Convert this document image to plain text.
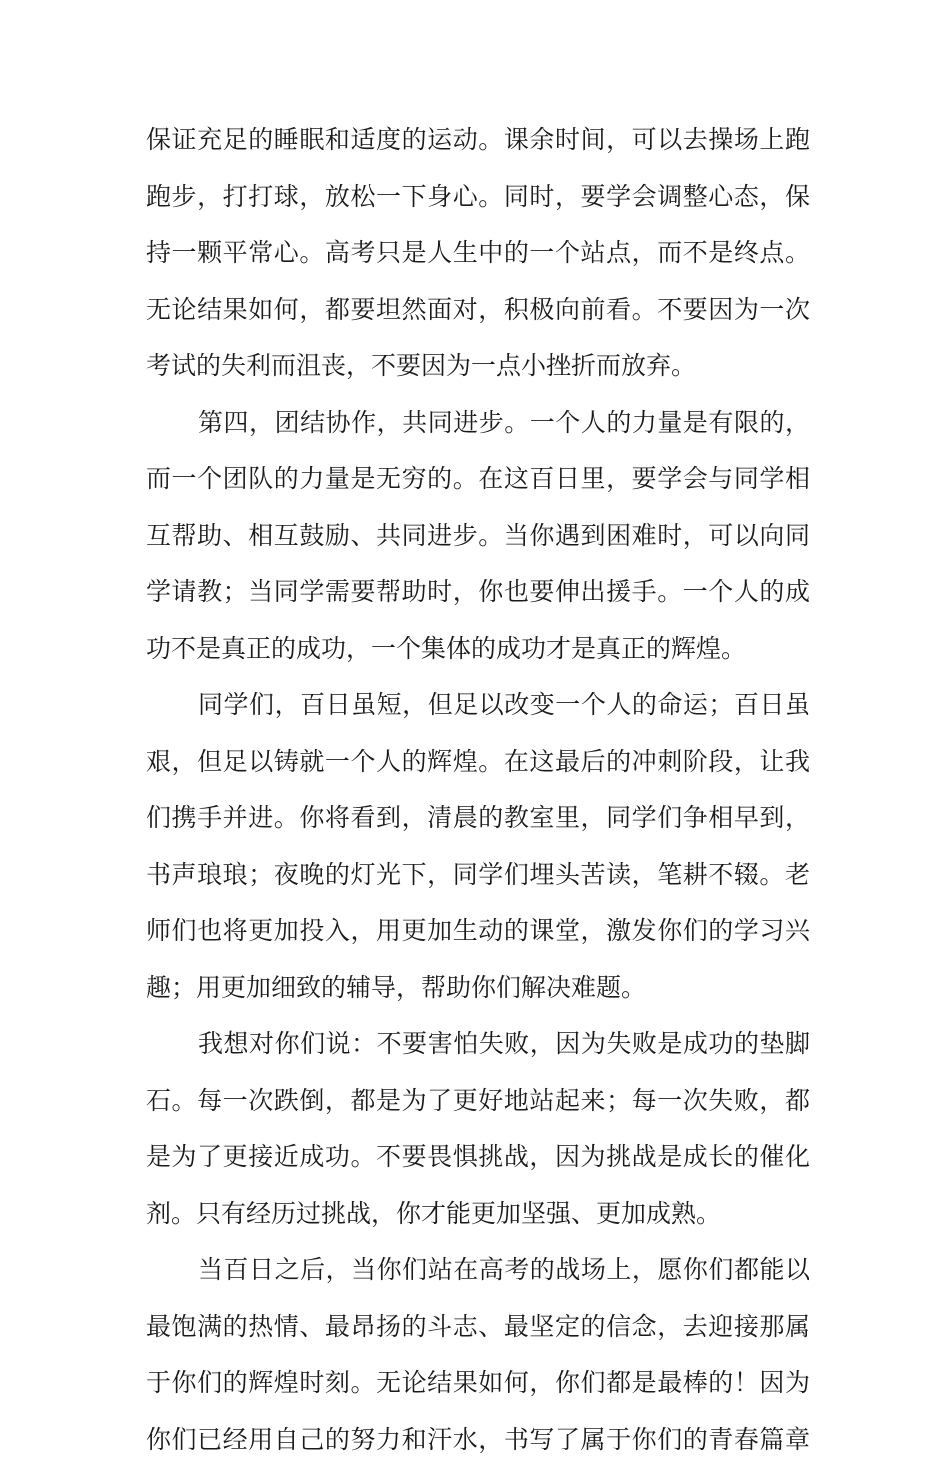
保证充足的睡眠和适度的运动。课余时间，可以去操场上跑
跑步，打打球，放松一下身心。同时，要学会调整心态，保
持一颗平常心。高考只是人生中的一个站点，而不是终点。
无论结果如何，都要坦然面对，积极向前看。不要因为一次
考试的失利而沮丧，不要因为一点小挫折而放弃。
第四，团结协作，共同进步。一个人的力量是有限的，
而一个团队的力量是无穷的。在这百日里，要学会与同学相
互帮助、相互鼓励、共同进步。当你遇到困难时，可以向同
学请教；当同学需要帮助时，你也要伸出援手。一个人的成
功不是真正的成功，一个集体的成功才是真正的辉煌。
同学们，百日虽短，但足以改变一个人的命运；百日虽
艰，但足以铸就一个人的辉煌。在这最后的冲刺阶段，让我
们携手并进。你将看到，清晨的教室里，同学们争相早到，
书声琅琅；夜晚的灯光下，同学们埋头苦读，笔耕不辍。老
师们也将更加投入，用更加生动的课堂，激发你们的学习兴
趣；用更加细致的辅导，帮助你们解决难题。
我想对你们说：不要害怕失败，因为失败是成功的垫脚
石。每一次跌倒，都是为了更好地站起来；每一次失败，都
是为了更接近成功。不要畏惧挑战，因为挑战是成长的催化
剂。只有经历过挑战，你才能更加坚强、更加成熟。
当百日之后，当你们站在高考的战场上，愿你们都能以
最饱满的热情、最昂扬的斗志、最坚定的信念，去迎接那属
于你们的辉煌时刻。无论结果如何，你们都是最棒的！因为
你们已经用自己的努力和汗水，书写了属于你们的青春篇章
